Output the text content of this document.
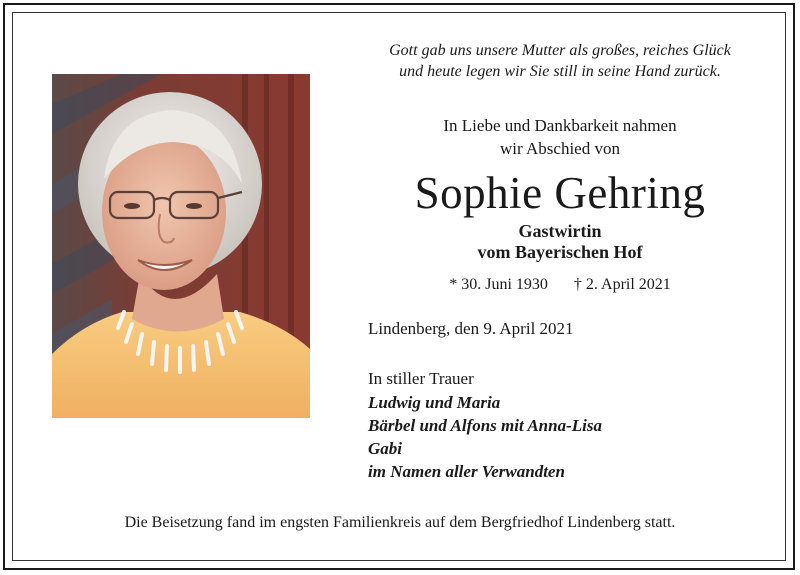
Gott gab uns unsere Mutter als großes, reiches Glück
und heute legen wir Sie still in seine Hand zurück.
In Liebe und Dankbarkeit nahmen
wir Abschied von
Sophie Gehring
Gastwirtin
vom Bayerischen Hof
* 30. Juni 1930 † 2. April 2021
Lindenberg, den 9. April 2021
In stiller Trauer
Ludwig und Maria
Bärbel und Alfons mit Anna-Lisa
Gabi
im Namen aller Verwandten
Die Beisetzung fand im engsten Familienkreis auf dem Bergfriedhof Lindenberg statt.
